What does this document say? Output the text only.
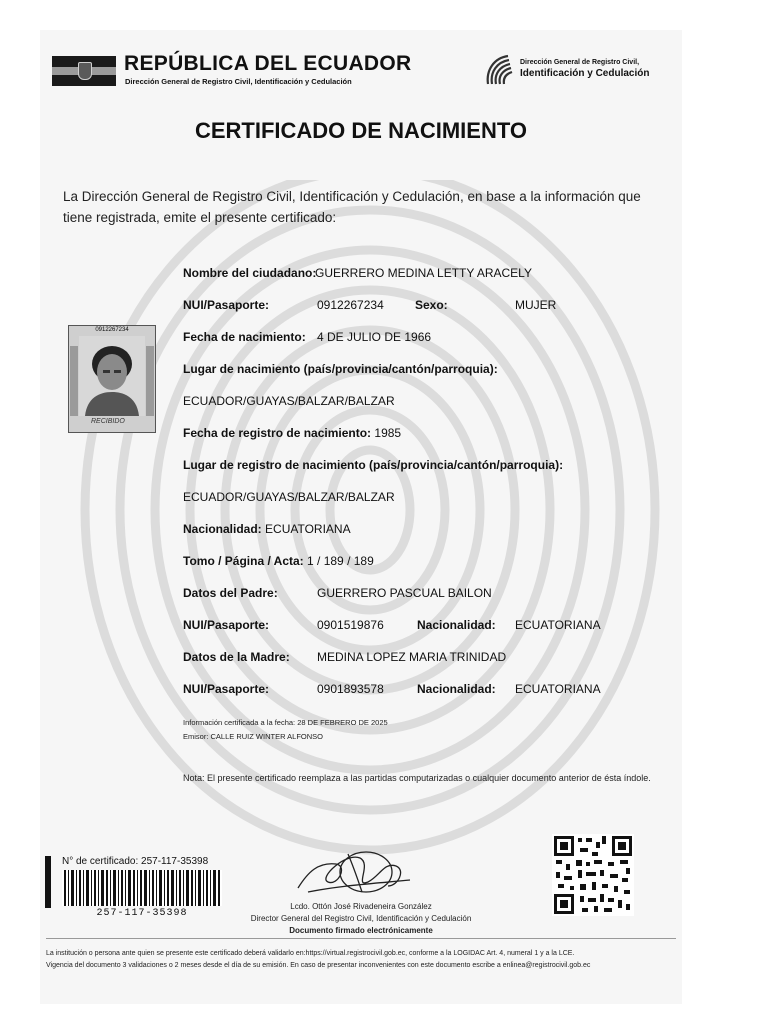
REPÚBLICA DEL ECUADOR
Dirección General de Registro Civil, Identificación y Cedulación
Dirección General de Registro Civil,
Identificación y Cedulación
CERTIFICADO DE NACIMIENTO
La Dirección General de Registro Civil, Identificación y Cedulación, en base a la información que tiene registrada, emite el presente certificado:
0912267234
RECIBIDO
Nombre del ciudadano:
GUERRERO MEDINA LETTY ARACELY
NUI/Pasaporte:	0912267234	Sexo:	MUJER
Fecha de nacimiento: 4 DE JULIO DE 1966
Lugar de nacimiento (país/provincia/cantón/parroquia):
ECUADOR/GUAYAS/BALZAR/BALZAR
Fecha de registro de nacimiento: 1985
Lugar de registro de nacimiento (país/provincia/cantón/parroquia):
ECUADOR/GUAYAS/BALZAR/BALZAR
Nacionalidad: ECUATORIANA
Tomo / Página / Acta: 1 / 189 / 189
Datos del Padre:	GUERRERO PASCUAL BAILON
NUI/Pasaporte:	0901519876	Nacionalidad: ECUATORIANA
Datos de la Madre: MEDINA LOPEZ MARIA TRINIDAD
NUI/Pasaporte:	0901893578	Nacionalidad: ECUATORIANA
Información certificada a la fecha: 28 DE FEBRERO DE 2025
Emisor: CALLE RUIZ WINTER ALFONSO
Nota: El presente certificado reemplaza a las partidas computarizadas o cualquier documento anterior de ésta índole.
N° de certificado: 257-117-35398
257-117-35398
Lcdo. Ottón José Rivadeneira González
Director General del Registro Civil, Identificación y Cedulación
Documento firmado electrónicamente
La institución o persona ante quien se presente este certificado deberá validarlo en:https://virtual.registrocivil.gob.ec, conforme a la LOGIDAC Art. 4, numeral 1 y a la LCE.
Vigencia del documento 3 validaciones o 2 meses desde el día de su emisión. En caso de presentar inconvenientes con este documento escribe a enlinea@registrocivil.gob.ec
